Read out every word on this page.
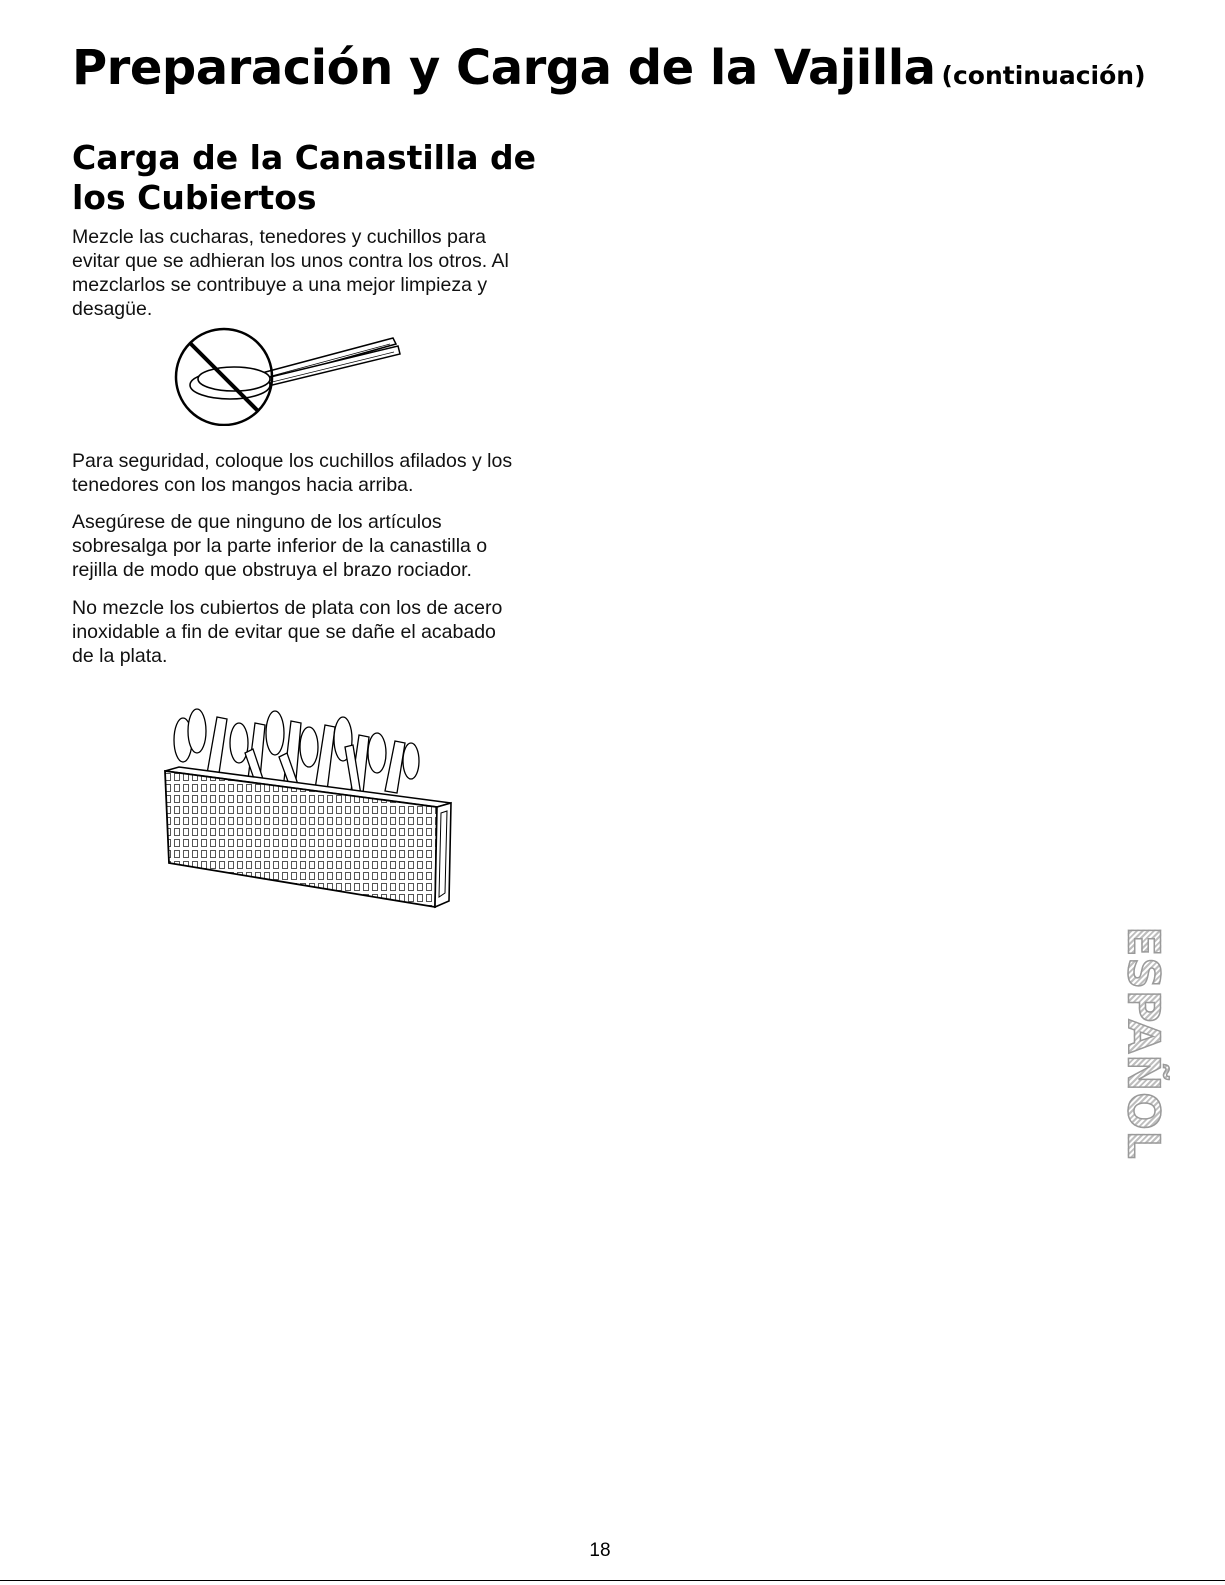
Preparación y Carga de la Vajilla (continuación)
Carga de la Canastilla de
los Cubiertos

Mezcle las cucharas, tenedores y cuchillos para
evitar que se adhieran los unos contra los otros. Al
mezclarlos se contribuye a una mejor limpieza y
desagüe.

Para seguridad, coloque los cuchillos afilados y los
tenedores con los mangos hacia arriba.

Asegúrese de que ninguno de los artículos
sobresalga por la parte inferior de la canastilla o
rejilla de modo que obstruya el brazo rociador.

No mezcle los cubiertos de plata con los de acero
inoxidable a fin de evitar que se dañe el acabado
de la plata.

ESPAÑOL
18
